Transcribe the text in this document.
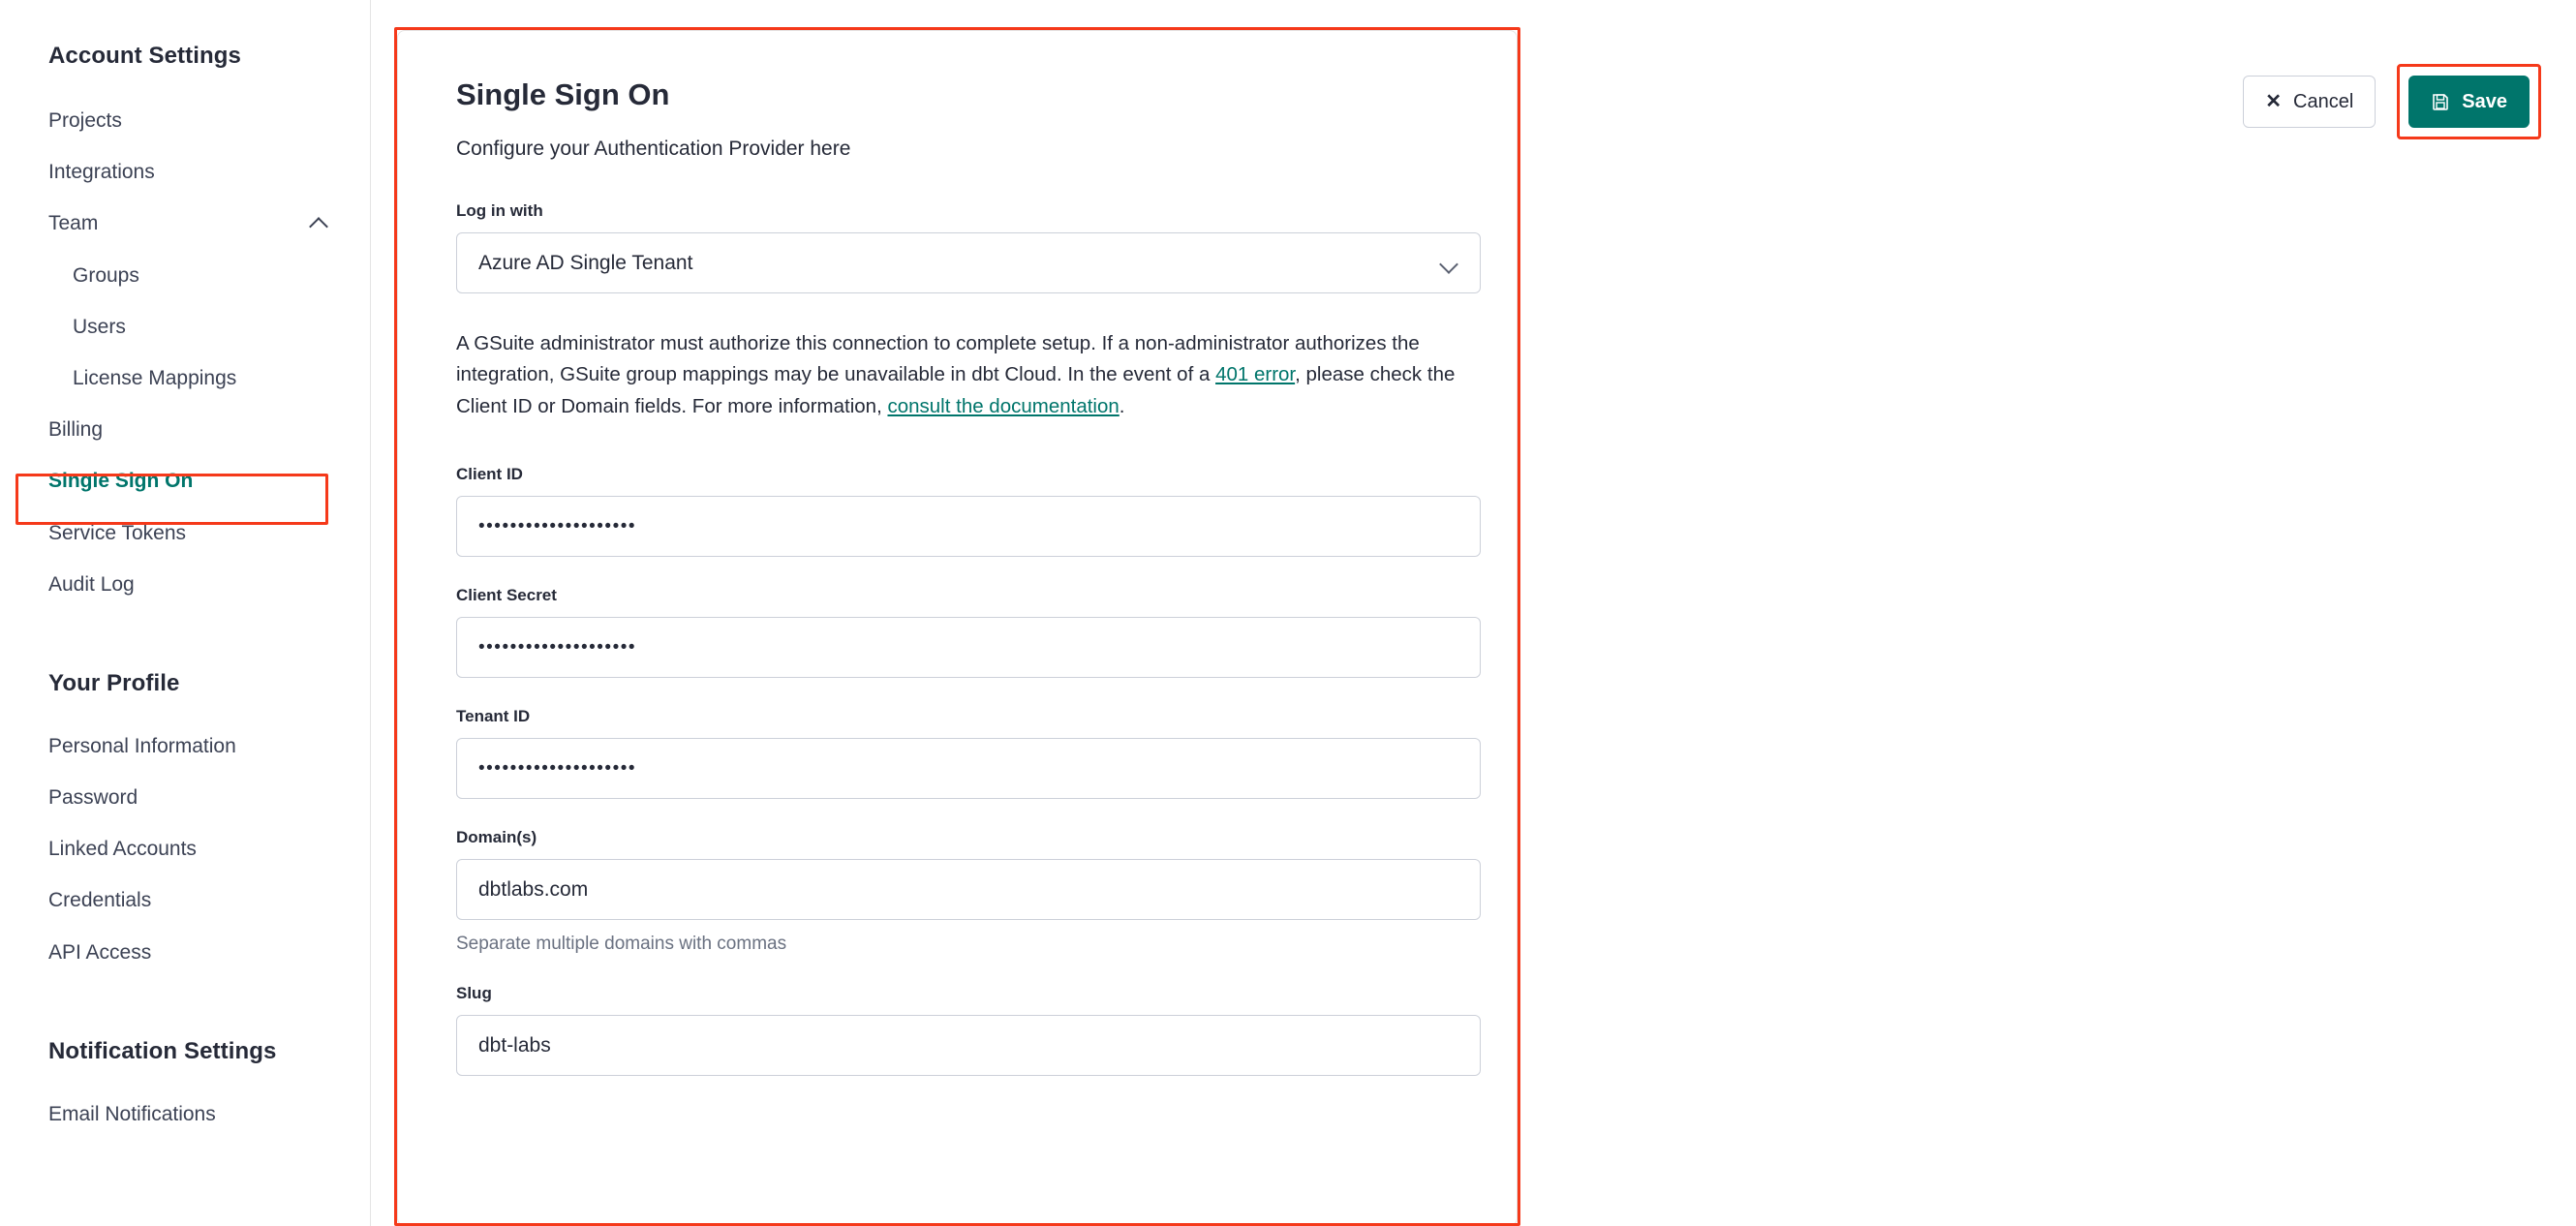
Account Settings
Projects
Integrations
Team
Groups
Users
License Mappings
Billing
Single Sign On
Service Tokens
Audit Log
Your Profile
Personal Information
Password
Linked Accounts
Credentials
API Access
Notification Settings
Email Notifications
Single Sign On

Configure your Authentication Provider here

Log in with
Azure AD Single Tenant

A GSuite administrator must authorize this connection to complete setup. If a non-administrator authorizes the integration, GSuite group mappings may be unavailable in dbt Cloud. In the event of a 401 error, please check the Client ID or Domain fields. For more information, consult the documentation.

Client ID
••••••••••••••••••••
Client Secret
••••••••••••••••••••
Tenant ID
••••••••••••••••••••
Domain(s)
dbtlabs.com
Separate multiple domains with commas
Slug
dbt-labs
✕ Cancel	Save
